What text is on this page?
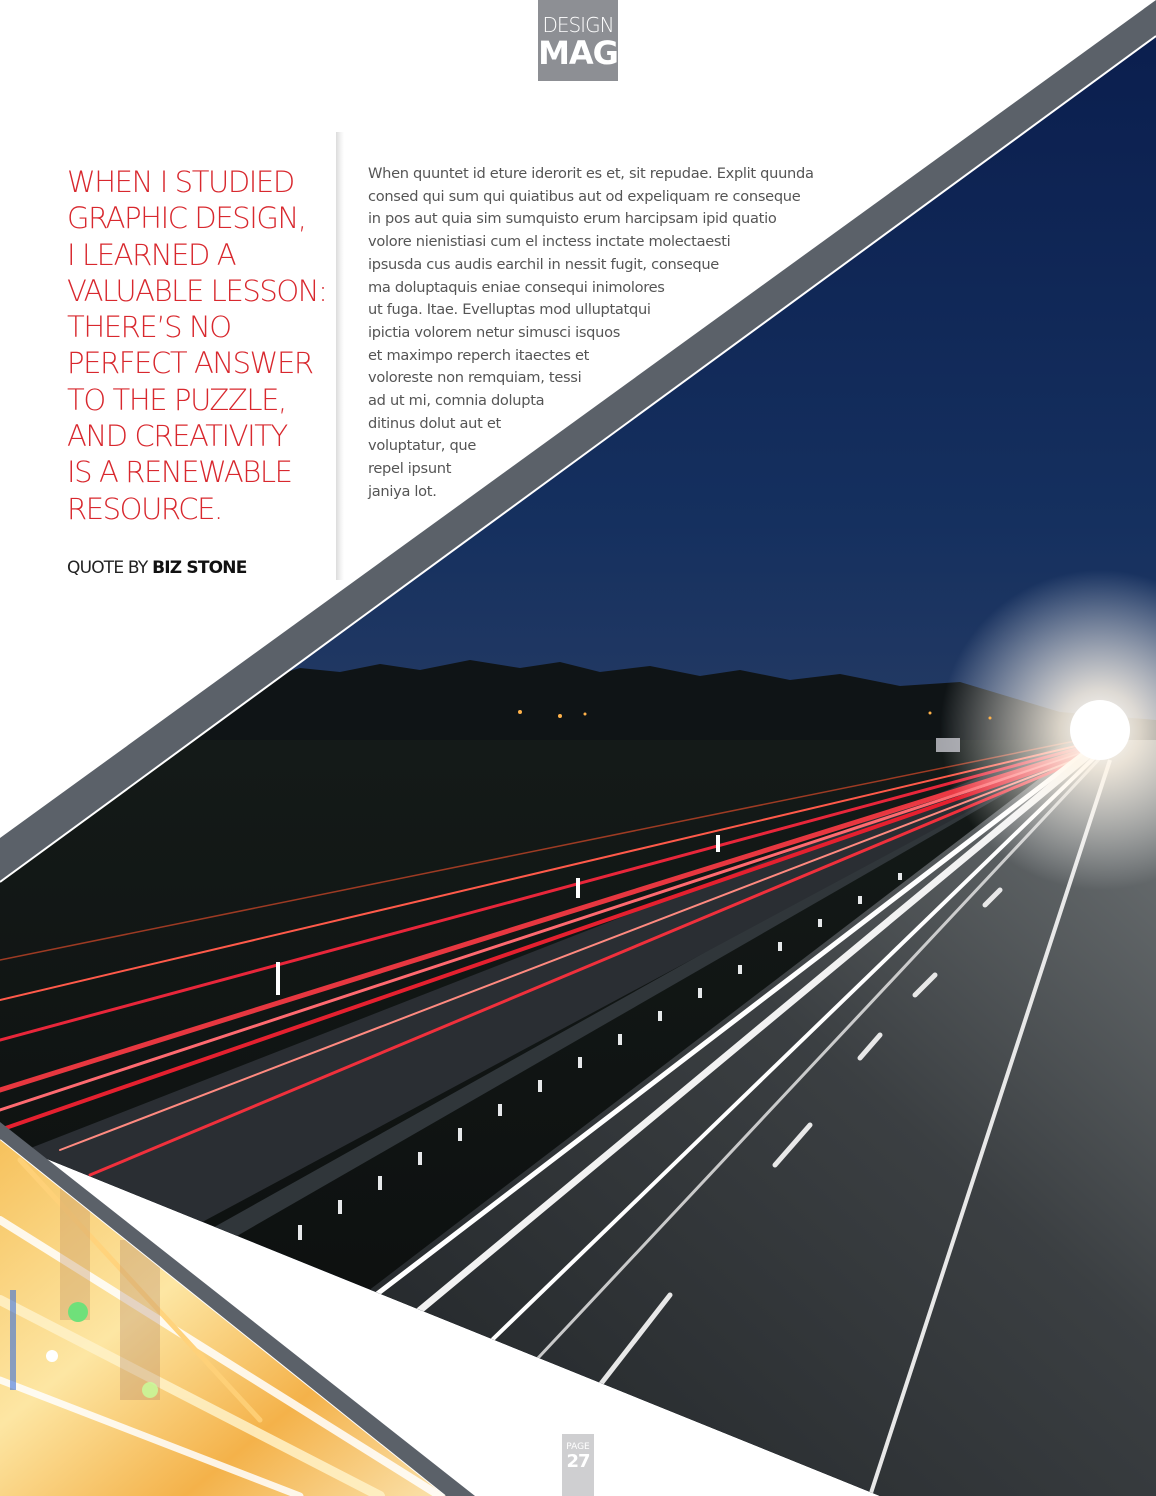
DESIGN
MAG
WHEN I STUDIED
GRAPHIC DESIGN,
I LEARNED A
VALUABLE LESSON:
THERE’S NO
PERFECT ANSWER
TO THE PUZZLE,
AND CREATIVITY
IS A RENEWABLE
RESOURCE.
QUOTE BY BIZ STONE
When quuntet id eture iderorit es et, sit repudae. Explit quunda
consed qui sum qui quiatibus aut od expeliquam re conseque
in pos aut quia sim sumquisto erum harcipsam ipid quatio
volore nienistiasi cum el inctess inctate molectaesti
ipsusda cus audis earchil in nessit fugit, conseque
ma doluptaquis eniae consequi inimolores
ut fuga. Itae. Evelluptas mod ulluptatqui
ipictia volorem netur simusci isquos
et maximpo reperch itaectes et
voloreste non remquiam, tessi
ad ut mi, comnia dolupta
ditinus dolut aut et
voluptatur, que
repel ipsunt
janiya lot.
PAGE
27
